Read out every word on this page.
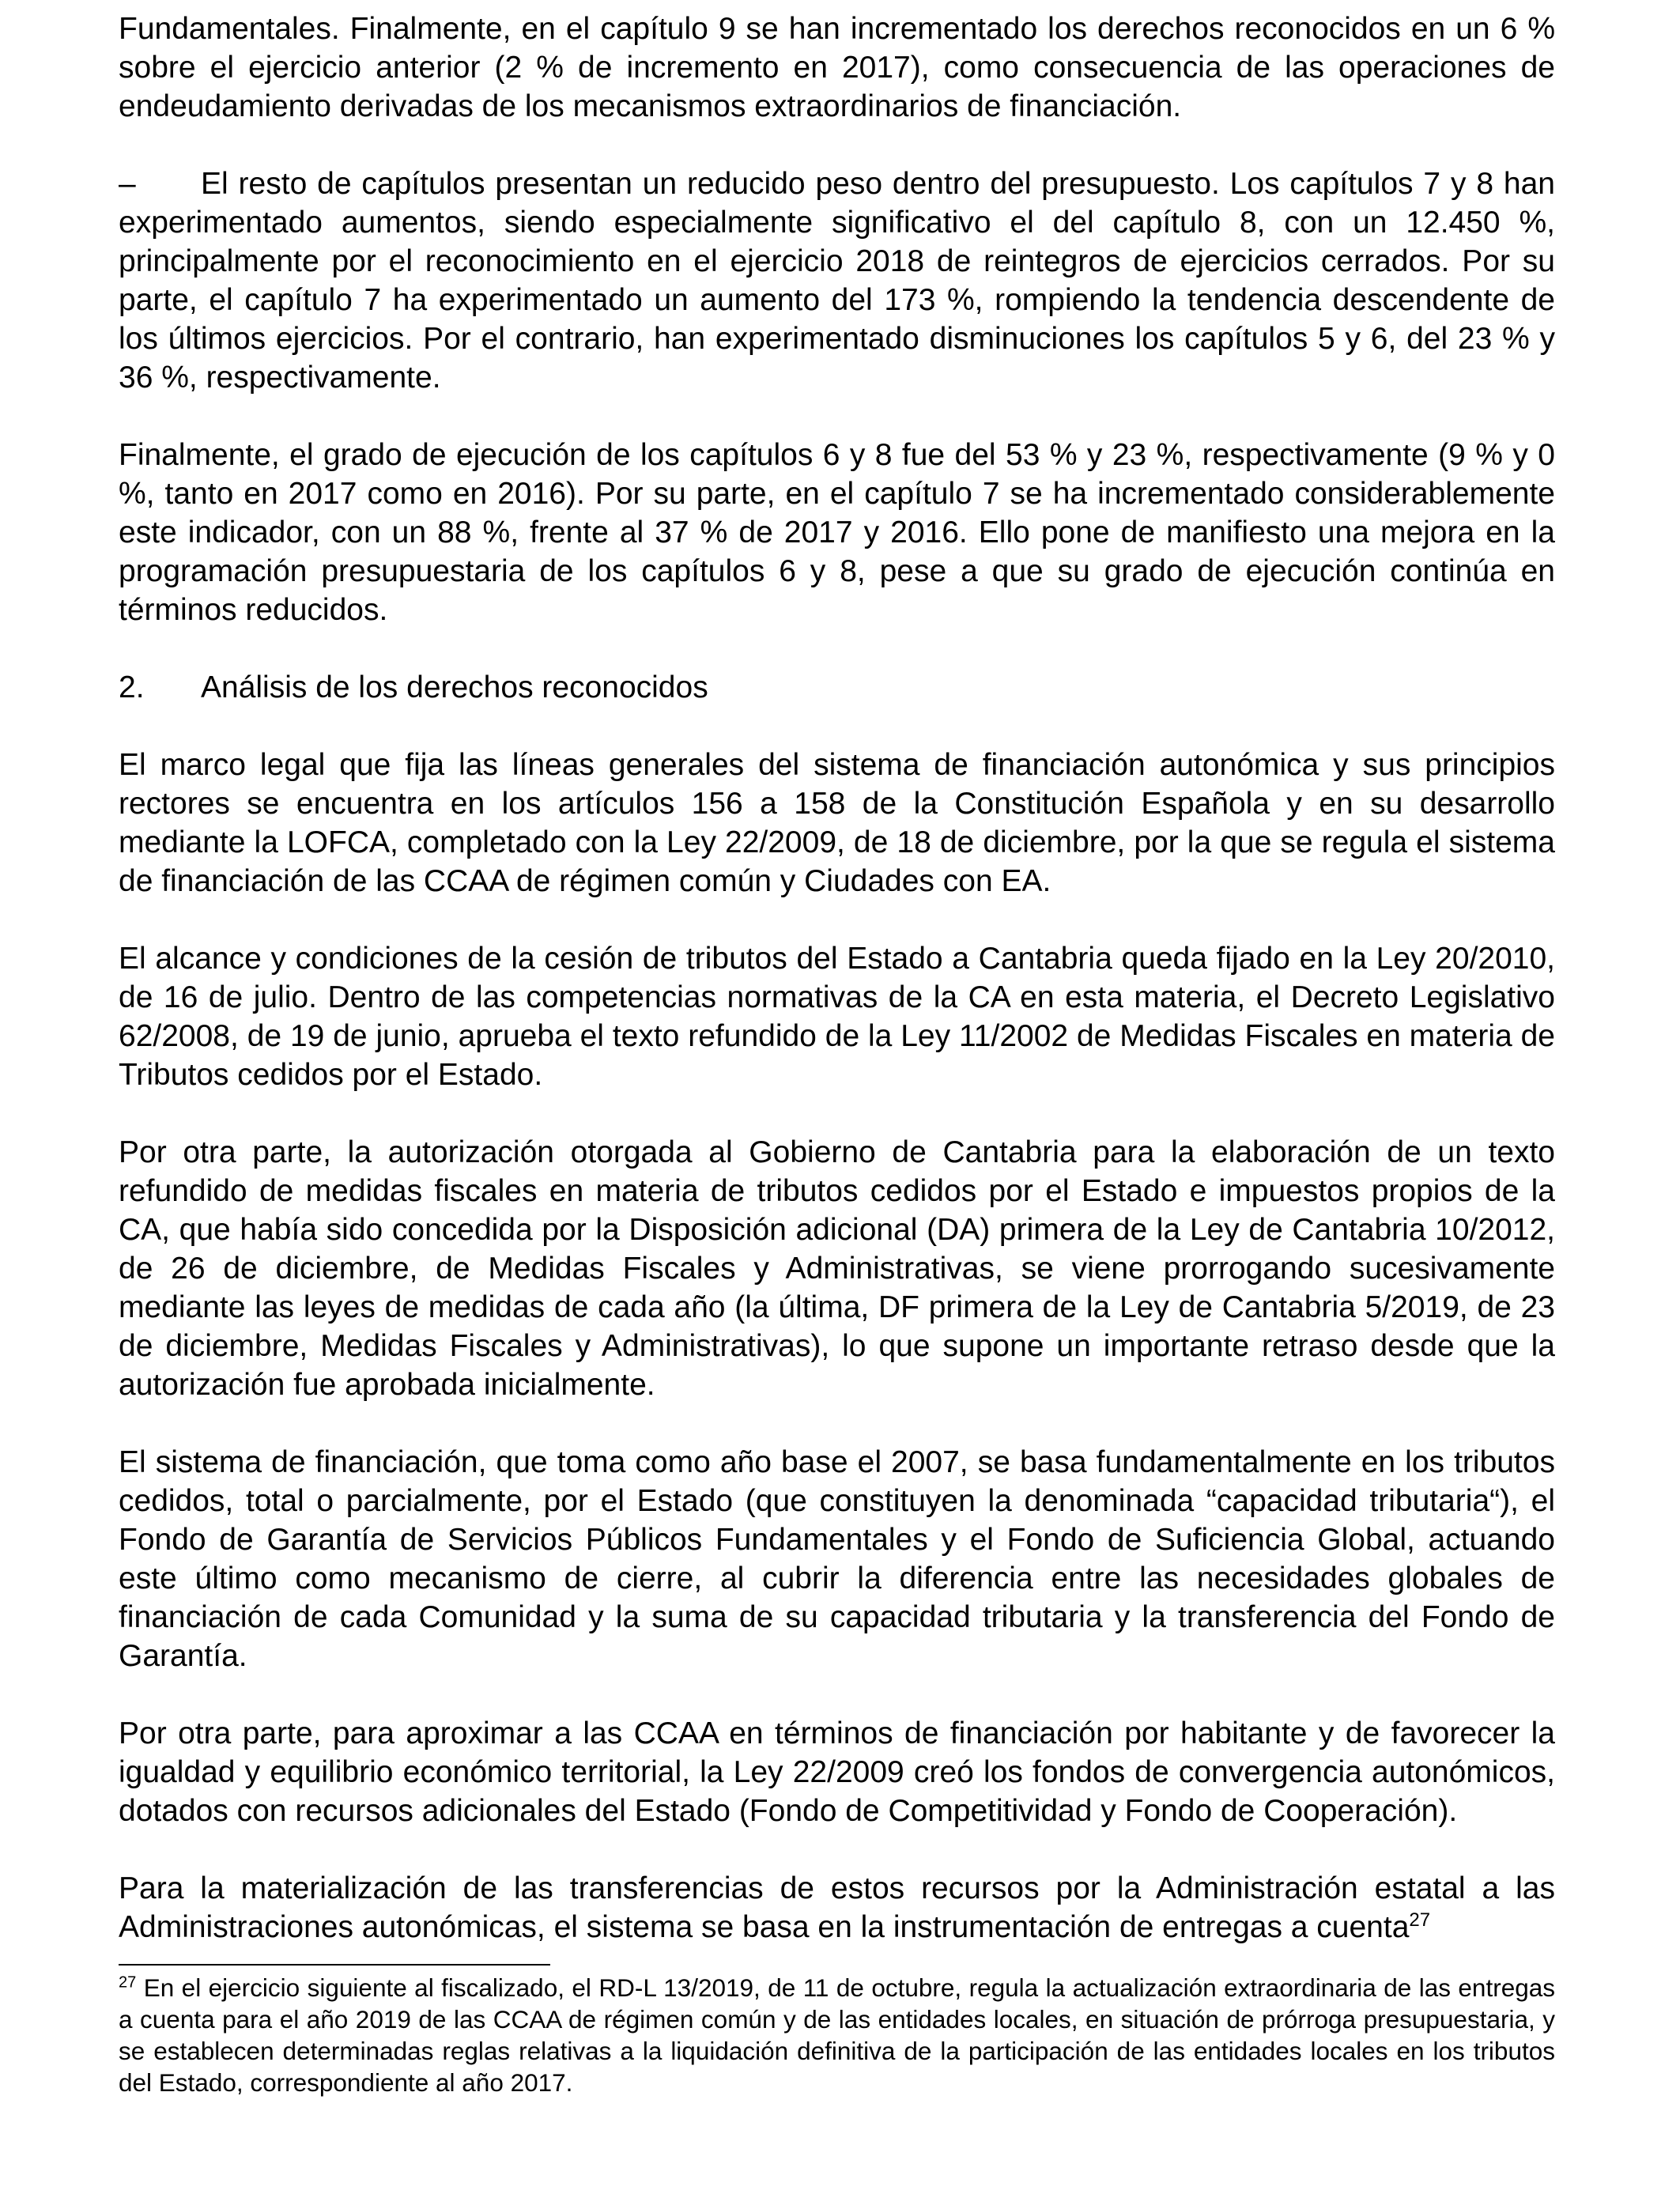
Fundamentales. Finalmente, en el capítulo 9 se han incrementado los derechos reconocidos en un 6 % sobre el ejercicio anterior (2 % de incremento en 2017), como consecuencia de las operaciones de endeudamiento derivadas de los mecanismos extraordinarios de financiación.

– El resto de capítulos presentan un reducido peso dentro del presupuesto. Los capítulos 7 y 8 han experimentado aumentos, siendo especialmente significativo el del capítulo 8, con un 12.450 %, principalmente por el reconocimiento en el ejercicio 2018 de reintegros de ejercicios cerrados. Por su parte, el capítulo 7 ha experimentado un aumento del 173 %, rompiendo la tendencia descendente de los últimos ejercicios. Por el contrario, han experimentado disminuciones los capítulos 5 y 6, del 23 % y 36 %, respectivamente.

Finalmente, el grado de ejecución de los capítulos 6 y 8 fue del 53 % y 23 %, respectivamente (9 % y 0 %, tanto en 2017 como en 2016). Por su parte, en el capítulo 7 se ha incrementado considerablemente este indicador, con un 88 %, frente al 37 % de 2017 y 2016. Ello pone de manifiesto una mejora en la programación presupuestaria de los capítulos 6 y 8, pese a que su grado de ejecución continúa en términos reducidos.

2. Análisis de los derechos reconocidos

El marco legal que fija las líneas generales del sistema de financiación autonómica y sus principios rectores se encuentra en los artículos 156 a 158 de la Constitución Española y en su desarrollo mediante la LOFCA, completado con la Ley 22/2009, de 18 de diciembre, por la que se regula el sistema de financiación de las CCAA de régimen común y Ciudades con EA.

El alcance y condiciones de la cesión de tributos del Estado a Cantabria queda fijado en la Ley 20/2010, de 16 de julio. Dentro de las competencias normativas de la CA en esta materia, el Decreto Legislativo 62/2008, de 19 de junio, aprueba el texto refundido de la Ley 11/2002 de Medidas Fiscales en materia de Tributos cedidos por el Estado.

Por otra parte, la autorización otorgada al Gobierno de Cantabria para la elaboración de un texto refundido de medidas fiscales en materia de tributos cedidos por el Estado e impuestos propios de la CA, que había sido concedida por la Disposición adicional (DA) primera de la Ley de Cantabria 10/2012, de 26 de diciembre, de Medidas Fiscales y Administrativas, se viene prorrogando sucesivamente mediante las leyes de medidas de cada año (la última, DF primera de la Ley de Cantabria 5/2019, de 23 de diciembre, Medidas Fiscales y Administrativas), lo que supone un importante retraso desde que la autorización fue aprobada inicialmente.

El sistema de financiación, que toma como año base el 2007, se basa fundamentalmente en los tributos cedidos, total o parcialmente, por el Estado (que constituyen la denominada “capacidad tributaria“), el Fondo de Garantía de Servicios Públicos Fundamentales y el Fondo de Suficiencia Global, actuando este último como mecanismo de cierre, al cubrir la diferencia entre las necesidades globales de financiación de cada Comunidad y la suma de su capacidad tributaria y la transferencia del Fondo de Garantía.

Por otra parte, para aproximar a las CCAA en términos de financiación por habitante y de favorecer la igualdad y equilibrio económico territorial, la Ley 22/2009 creó los fondos de convergencia autonómicos, dotados con recursos adicionales del Estado (Fondo de Competitividad y Fondo de Cooperación).

Para la materialización de las transferencias de estos recursos por la Administración estatal a las Administraciones autonómicas, el sistema se basa en la instrumentación de entregas a cuenta$^{27}$

$^{27}$ En el ejercicio siguiente al fiscalizado, el RD-L 13/2019, de 11 de octubre, regula la actualización extraordinaria de las entregas a cuenta para el año 2019 de las CCAA de régimen común y de las entidades locales, en situación de prórroga presupuestaria, y se establecen determinadas reglas relativas a la liquidación definitiva de la participación de las entidades locales en los tributos del Estado, correspondiente al año 2017.
